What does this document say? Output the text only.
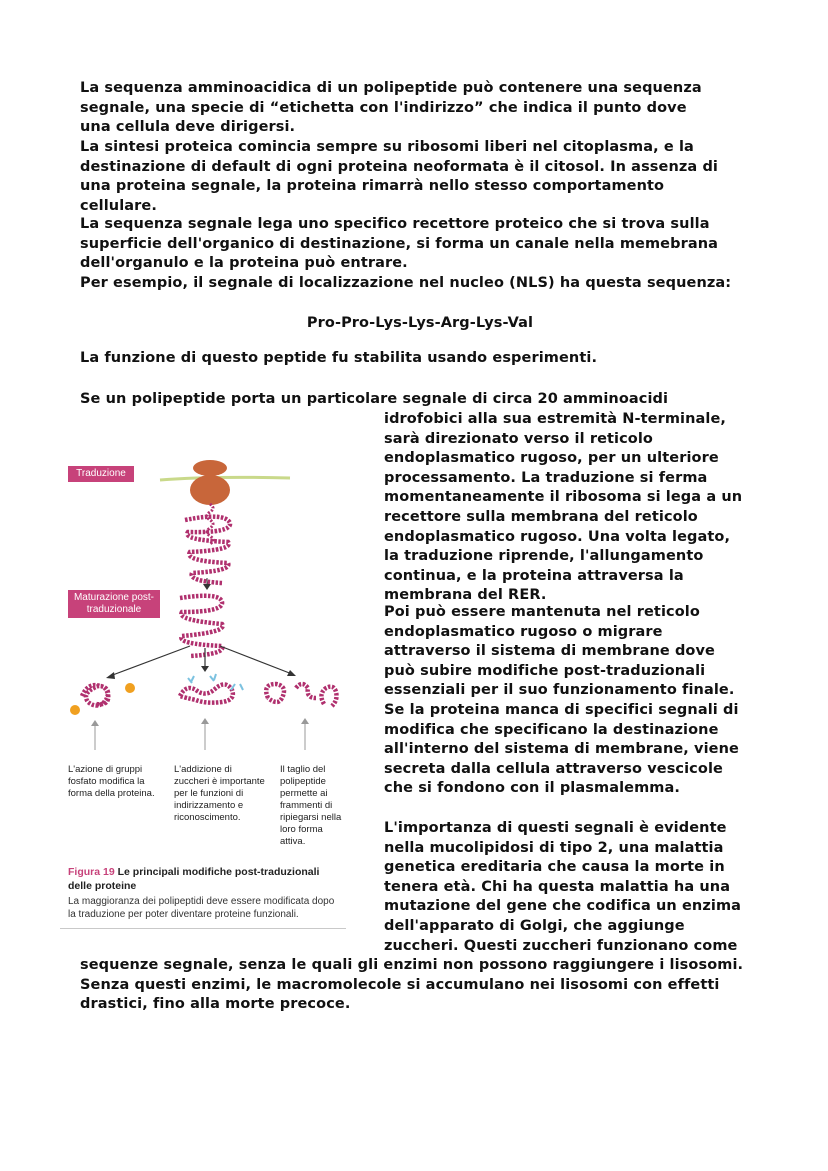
La sequenza amminoacidica di un polipeptide può contenere una sequenza segnale, una specie di “etichetta con l'indirizzo” che indica il punto dove una cellula deve dirigersi.

La sintesi proteica comincia sempre su ribosomi liberi nel citoplasma, e la destinazione di default di ogni proteina neoformata è il citosol. In assenza di una proteina segnale, la proteina rimarrà nello stesso comportamento cellulare.

La sequenza segnale lega uno specifico recettore proteico che si trova sulla superficie dell'organico di destinazione, si forma un canale nella memebrana dell'organulo e la proteina può entrare.

Per esempio, il segnale di localizzazione nel nucleo (NLS) ha questa sequenza:

Pro-Pro-Lys-Lys-Arg-Lys-Val

La funzione di questo peptide fu stabilita usando esperimenti.

Se un polipeptide porta un particolare segnale di circa 20 amminoacidi

idrofobici alla sua estremità N-terminale, sarà direzionato verso il reticolo endoplasmatico rugoso, per un ulteriore processamento. La traduzione si ferma momentaneamente il ribosoma si lega a un recettore sulla membrana del reticolo endoplasmatico rugoso. Una volta legato, la traduzione riprende, l'allungamento continua, e la proteina attraversa la membrana del RER.

Poi può essere mantenuta nel reticolo endoplasmatico rugoso o migrare attraverso il sistema di membrane dove può subire modifiche post-traduzionali essenziali per il suo funzionamento finale. Se la proteina manca di specifici segnali di modifica che specificano la destinazione all'interno del sistema di membrane, viene secreta dalla cellula attraverso vescicole che si fondono con il plasmalemma.

L'importanza di questi segnali è evidente nella mucolipidosi di tipo 2, una malattia genetica ereditaria che causa la morte in tenera età. Chi ha questa malattia ha una mutazione del gene che codifica un enzima dell'apparato di Golgi, che aggiunge zuccheri. Questi zuccheri funzionano come

sequenze segnale, senza le quali gli enzimi non possono raggiungere i lisosomi. Senza questi enzimi, le macromolecole si accumulano nei lisosomi con effetti drastici, fino alla morte precoce.

P
Traduzione
Maturazione post-traduzionale
L'azione di gruppi fosfato modifica la forma della proteina.
L'addizione di zuccheri è importante per le funzioni di indirizzamento e riconoscimento.
Il taglio del polipeptide permette ai frammenti di ripiegarsi nella loro forma attiva.
Figura 19 Le principali modifiche post-traduzionali delle proteine
La maggioranza dei polipeptidi deve essere modificata dopo la traduzione per poter diventare proteine funzionali.
